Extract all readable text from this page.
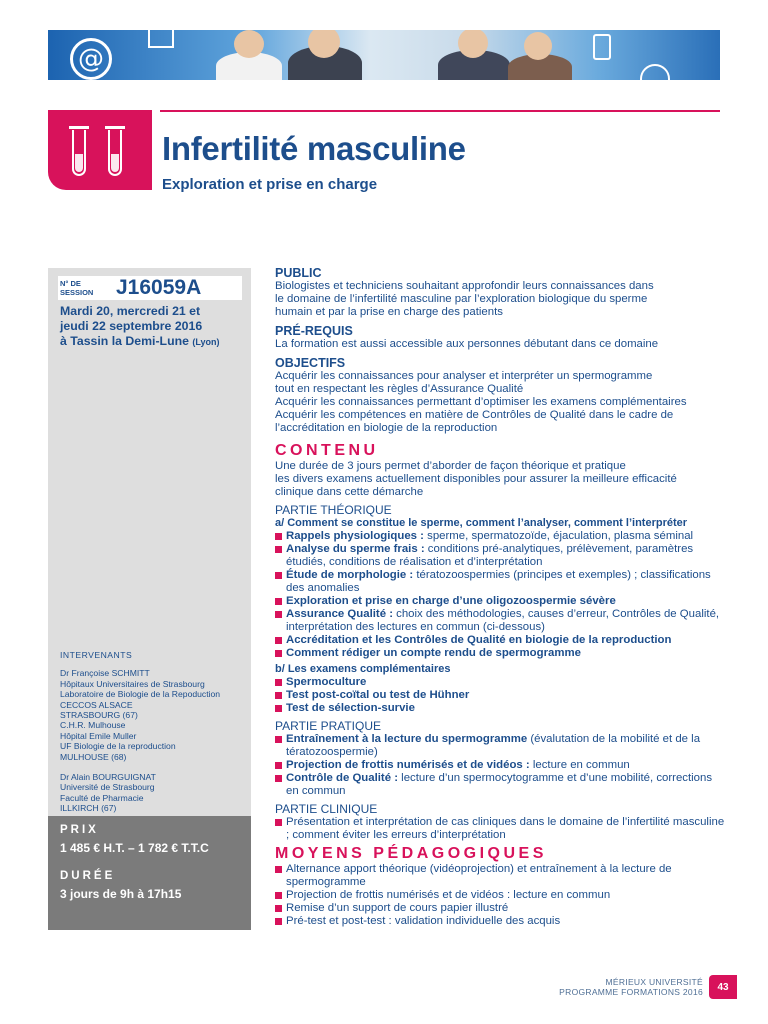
@
Infertilité masculine
Exploration et prise en charge
N° DE
SESSION J16059A
Mardi 20, mercredi 21 et
jeudi 22 septembre 2016
à Tassin la Demi-Lune (Lyon)
INTERVENANTS
Dr Françoise SCHMITT
Hôpitaux Universitaires de Strasbourg
Laboratoire de Biologie de la Repoduction
CECCOS ALSACE
STRASBOURG (67)
C.H.R. Mulhouse
Hôpital Emile Muller
UF Biologie de la reproduction
MULHOUSE (68)
Dr Alain BOURGUIGNAT
Université de Strasbourg
Faculté de Pharmacie
ILLKIRCH (67)
PRIX
1 485 € H.T. – 1 782 € T.T.C
DURÉE
3 jours de 9h à 17h15
PUBLIC
Biologistes et techniciens souhaitant approfondir leurs connaissances dans
le domaine de l’infertilité masculine par l’exploration biologique du sperme
humain et par la prise en charge des patients
PRÉ-REQUIS
La formation est aussi accessible aux personnes débutant dans ce domaine
OBJECTIFS
Acquérir les connaissances pour analyser et interpréter un spermogramme
tout en respectant les règles d’Assurance Qualité
Acquérir les connaissances permettant d’optimiser les examens complémentaires
Acquérir les compétences en matière de Contrôles de Qualité dans le cadre de
l’accréditation en biologie de la reproduction
CONTENU
Une durée de 3 jours permet d’aborder de façon théorique et pratique
les divers examens actuellement disponibles pour assurer la meilleure efficacité
clinique dans cette démarche
PARTIE THÉORIQUE
a/ Comment se constitue le sperme, comment l’analyser, comment l’interpréter
Rappels physiologiques : sperme, spermatozoïde, éjaculation, plasma séminal
Analyse du sperme frais : conditions pré-analytiques, prélèvement, paramètres étudiés, conditions de réalisation et d’interprétation
Étude de morphologie : tératozoospermies (principes et exemples) ; classifications des anomalies
Exploration et prise en charge d’une oligozoospermie sévère
Assurance Qualité : choix des méthodologies, causes d’erreur, Contrôles de Qualité, interprétation des lectures en commun (ci-dessous)
Accréditation et les Contrôles de Qualité en biologie de la reproduction
Comment rédiger un compte rendu de spermogramme
b/ Les examens complémentaires
Spermoculture
Test post-coïtal ou test de Hühner
Test de sélection-survie
PARTIE PRATIQUE
Entraînement à la lecture du spermogramme (évalutation de la mobilité et de la tératozoospermie)
Projection de frottis numérisés et de vidéos : lecture en commun
Contrôle de Qualité : lecture d’un spermocytogramme et d’une mobilité, corrections en commun
PARTIE CLINIQUE
Présentation et interprétation de cas cliniques dans le domaine de l’infertilité masculine ; comment éviter les erreurs d’interprétation
MOYENS PÉDAGOGIQUES
Alternance apport théorique (vidéoprojection) et entraînement à la lecture de spermogramme
Projection de frottis numérisés et de vidéos : lecture en commun
Remise d’un support de cours papier illustré
Pré-test et post-test : validation individuelle des acquis
MÉRIEUX UNIVERSITÉ
PROGRAMME FORMATIONS 2016	43
